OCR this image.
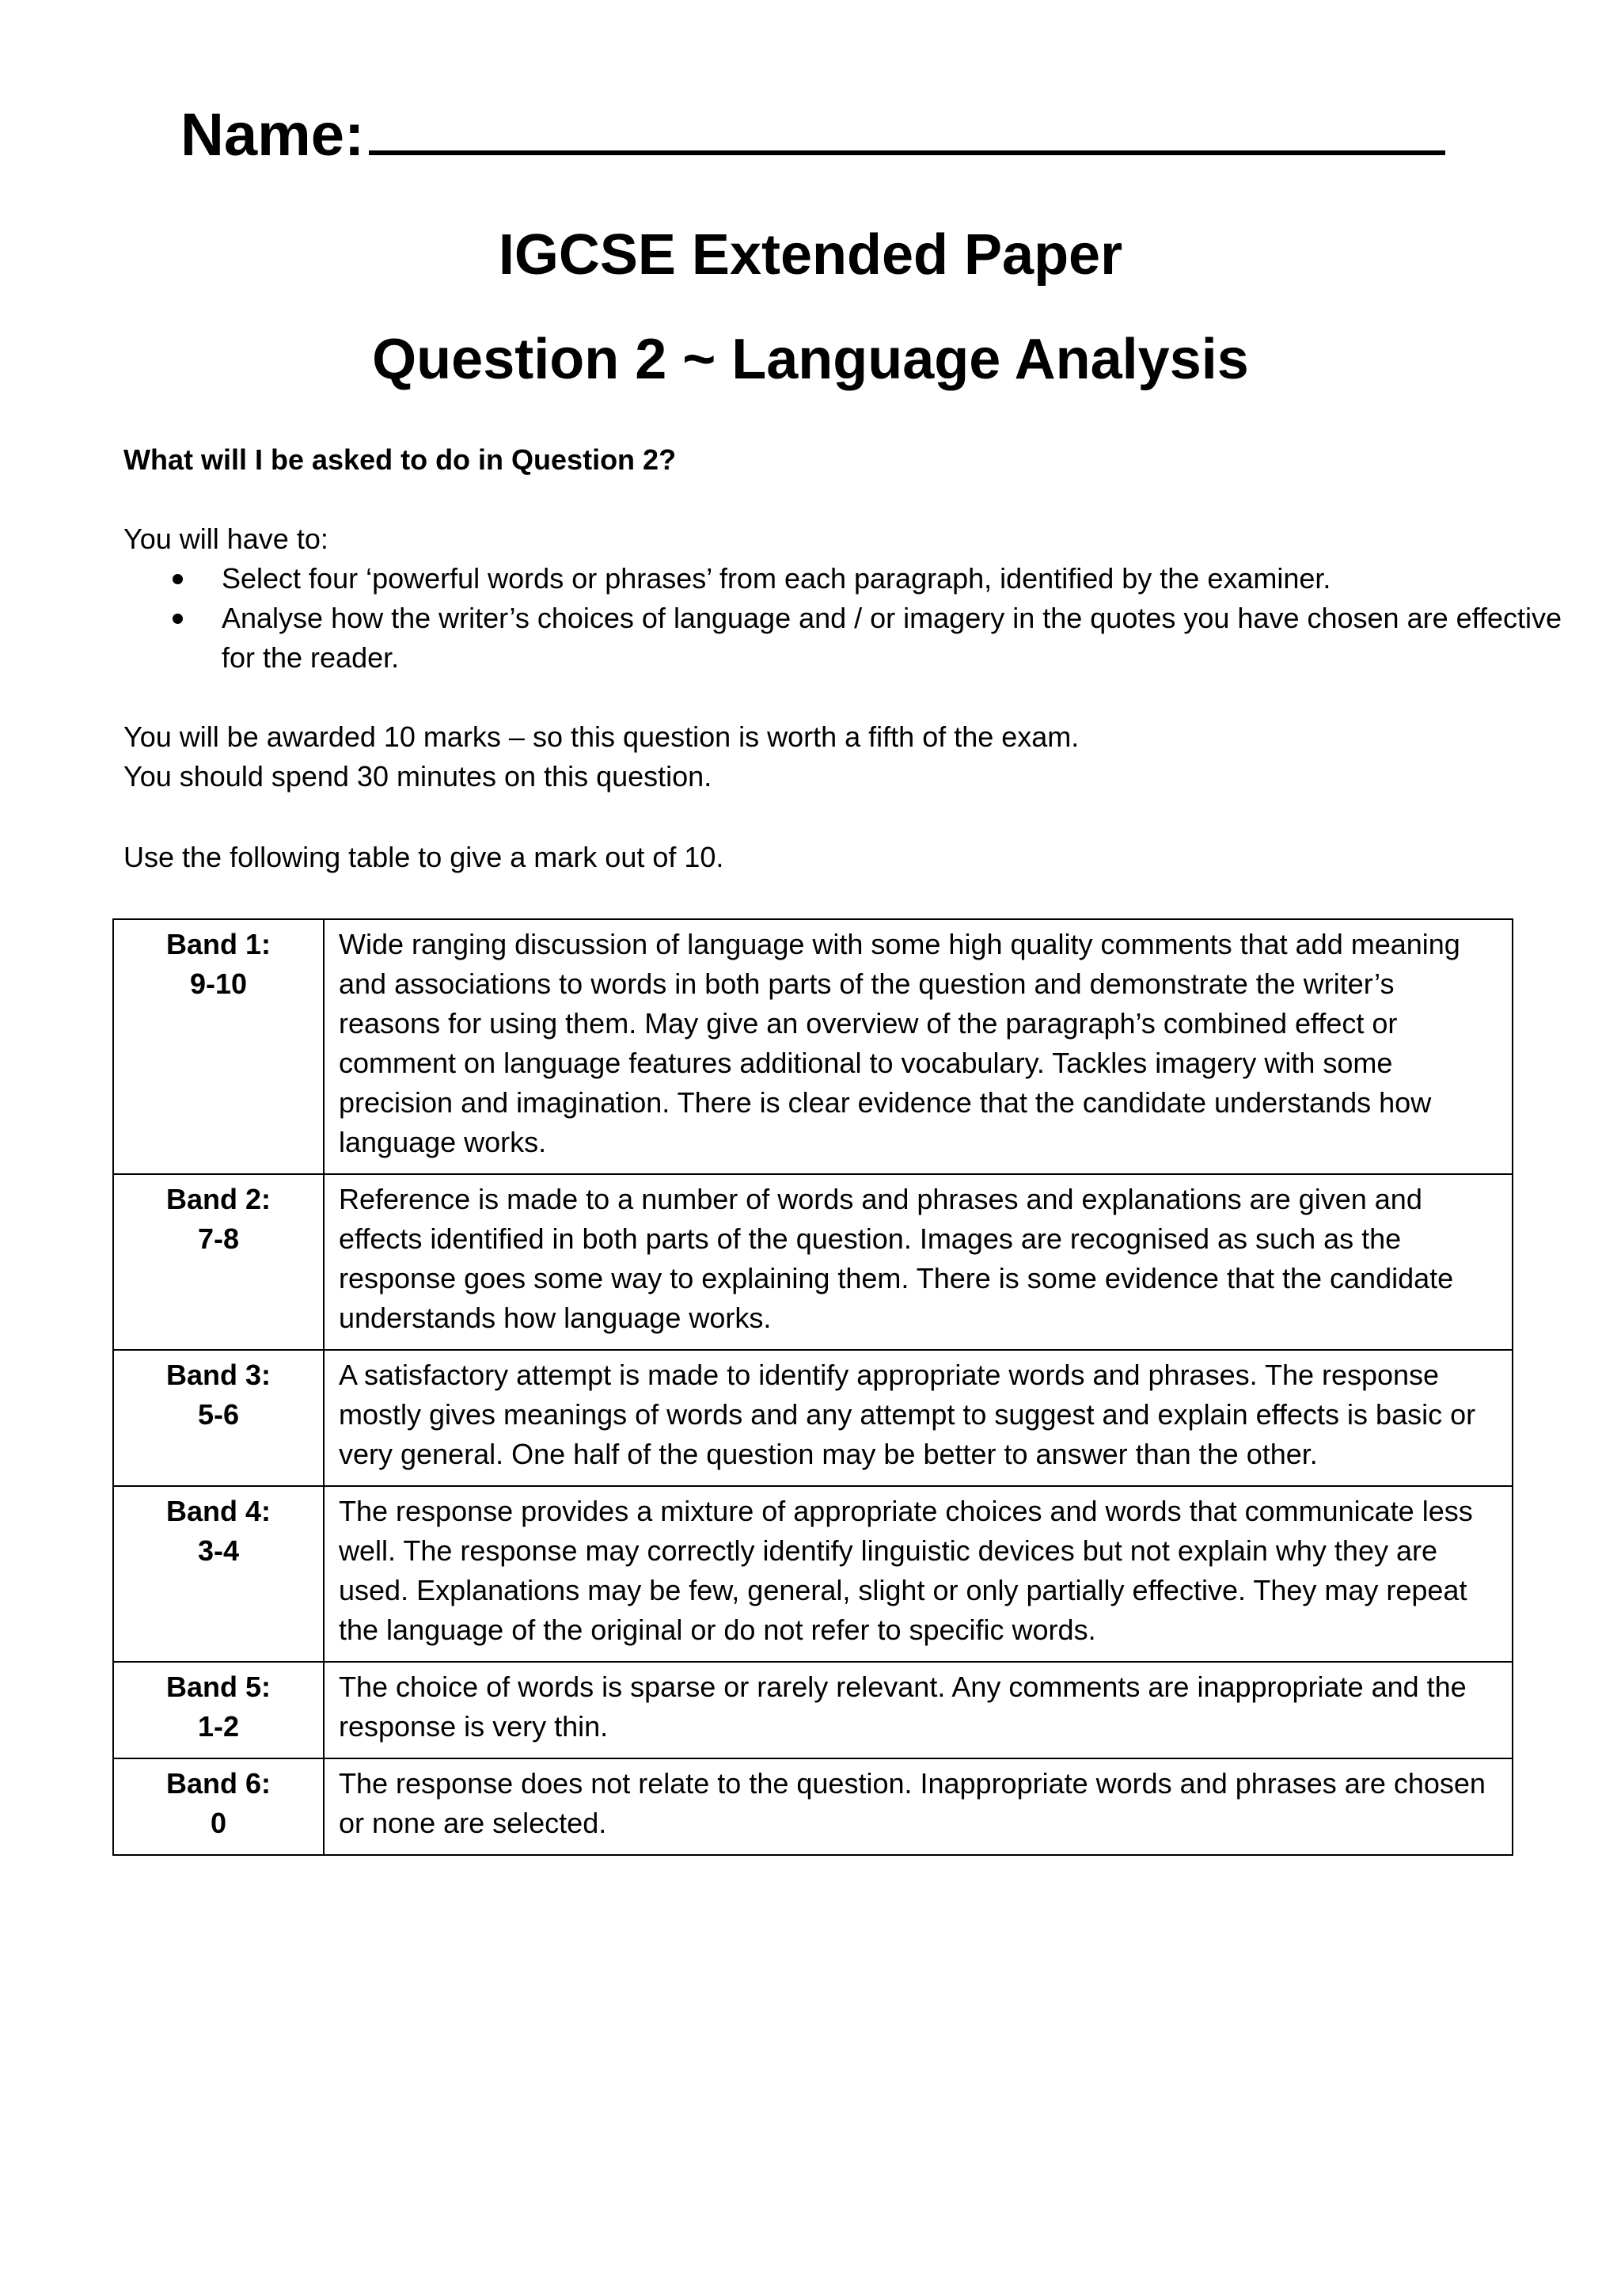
Name:
IGCSE Extended Paper
Question 2 ~ Language Analysis
What will I be asked to do in Question 2?
You will have to:
Select four ‘powerful words or phrases’ from each paragraph, identified by the examiner.
Analyse how the writer’s choices of language and / or imagery in the quotes you have chosen are effective for the reader.
You will be awarded 10 marks – so this question is worth a fifth of the exam.
You should spend 30 minutes on this question.
Use the following table to give a mark out of 10.
Band 1:
9-10	Wide ranging discussion of language with some high quality comments that add meaning and associations to words in both parts of the question and demonstrate the writer’s reasons for using them. May give an overview of the paragraph’s combined effect or comment on language features additional to vocabulary. Tackles imagery with some precision and imagination. There is clear evidence that the candidate understands how language works.

Band 2:
7-8	Reference is made to a number of words and phrases and explanations are given and effects identified in both parts of the question. Images are recognised as such as the response goes some way to explaining them. There is some evidence that the candidate understands how language works.

Band 3:
5-6	A satisfactory attempt is made to identify appropriate words and phrases. The response mostly gives meanings of words and any attempt to suggest and explain effects is basic or very general. One half of the question may be better to answer than the other.

Band 4:
3-4	The response provides a mixture of appropriate choices and words that communicate less well. The response may correctly identify linguistic devices but not explain why they are used. Explanations may be few, general, slight or only partially effective. They may repeat the language of the original or do not refer to specific words.

Band 5:
1-2	The choice of words is sparse or rarely relevant. Any comments are inappropriate and the response is very thin.

Band 6:
0	The response does not relate to the question. Inappropriate words and phrases are chosen or none are selected.
